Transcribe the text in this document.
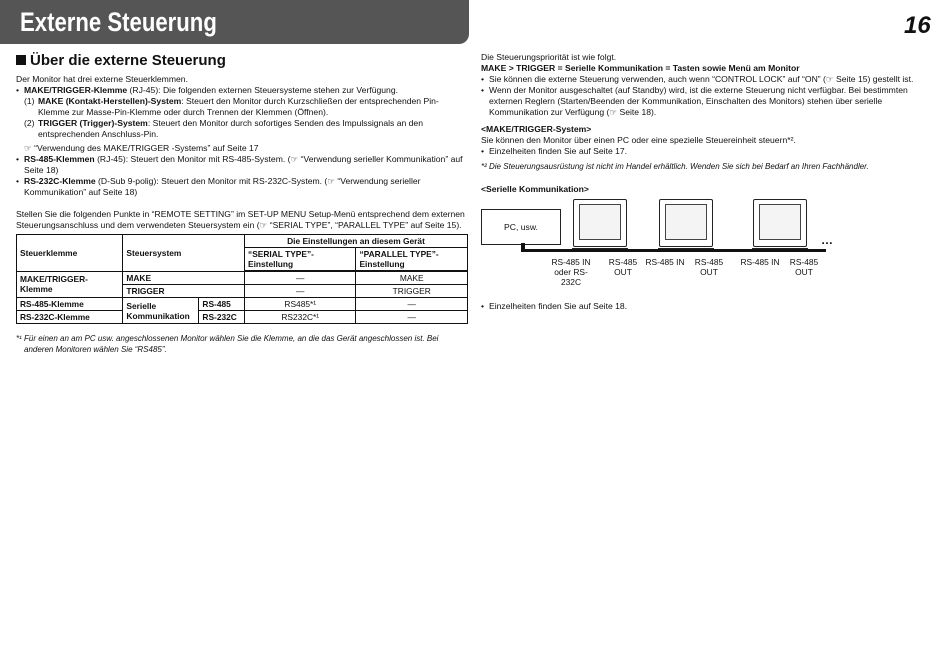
Externe Steuerung	16
Über die externe Steuerung

Der Monitor hat drei externe Steuerklemmen.

• MAKE/TRIGGER-Klemme (RJ-45): Die folgenden externen Steuersysteme stehen zur Verfügung.
(1) MAKE (Kontakt-Herstellen)-System: Steuert den Monitor durch Kurzschließen der entsprechenden Pin-Klemme zur Masse-Pin-Klemme oder durch Trennen der Klemmen (Öffnen).
(2) TRIGGER (Trigger)-System: Steuert den Monitor durch sofortiges Senden des Impulssignals an den entsprechenden Anschluss-Pin.
☞ “Verwendung des MAKE/TRIGGER -Systems” auf Seite 17
• RS-485-Klemmen (RJ-45): Steuert den Monitor mit RS-485-System. (☞ “Verwendung serieller Kommunikation” auf Seite 18)
• RS-232C-Klemme (D-Sub 9-polig): Steuert den Monitor mit RS-232C-System. (☞ “Verwendung serieller Kommunikation” auf Seite 18)

Stellen Sie die folgenden Punkte in “REMOTE SETTING” im SET-UP MENU Setup-Menü entsprechend dem externen Steuerungsanschluss und dem verwendeten Steuersystem ein (☞ “SERIAL TYPE”, “PARALLEL TYPE” auf Seite 15).

Steuerklemme	Steuersystem		Die Einstellungen an diesem Gerät	
			“SERIAL TYPE”-Einstellung	“PARALLEL TYPE”-Einstellung
MAKE/TRIGGER-Klemme	MAKE		—	MAKE
	TRIGGER		—	TRIGGER
RS-485-Klemme	Serielle Kommunikation	RS-485	RS485*¹	—
RS-232C-Klemme		RS-232C	RS232C*¹	—

*¹ Für einen an am PC usw. angeschlossenen Monitor wählen Sie die Klemme, an die das Gerät angeschlossen ist. Bei anderen Monitoren wählen Sie “RS485”.

Die Steuerungspriorität ist wie folgt.

MAKE > TRIGGER = Serielle Kommunikation = Tasten sowie Menü am Monitor

• Sie können die externe Steuerung verwenden, auch wenn “CONTROL LOCK” auf “ON” (☞ Seite 15) gestellt ist.
• Wenn der Monitor ausgeschaltet (auf Standby) wird, ist die externe Steuerung nicht verfügbar. Bei bestimmten externen Reglern (Starten/Beenden der Kommunikation, Einschalten des Monitors) stehen über serielle Kommunikation zur Verfügung (☞ Seite 18).

<MAKE/TRIGGER-System>

Sie können den Monitor über einen PC oder eine spezielle Steuereinheit steuern*².

• Einzelheiten finden Sie auf Seite 17.

*² Die Steuerungsausrüstung ist nicht im Handel erhältlich. Wenden Sie sich bei Bedarf an Ihren Fachhändler.

<Serielle Kommunikation>

PC, usw.
…
RS-485 IN oder RS-232C
RS-485 OUT
RS-485 IN	RS-485 OUT
RS-485 IN	RS-485 OUT
• Einzelheiten finden Sie auf Seite 18.
